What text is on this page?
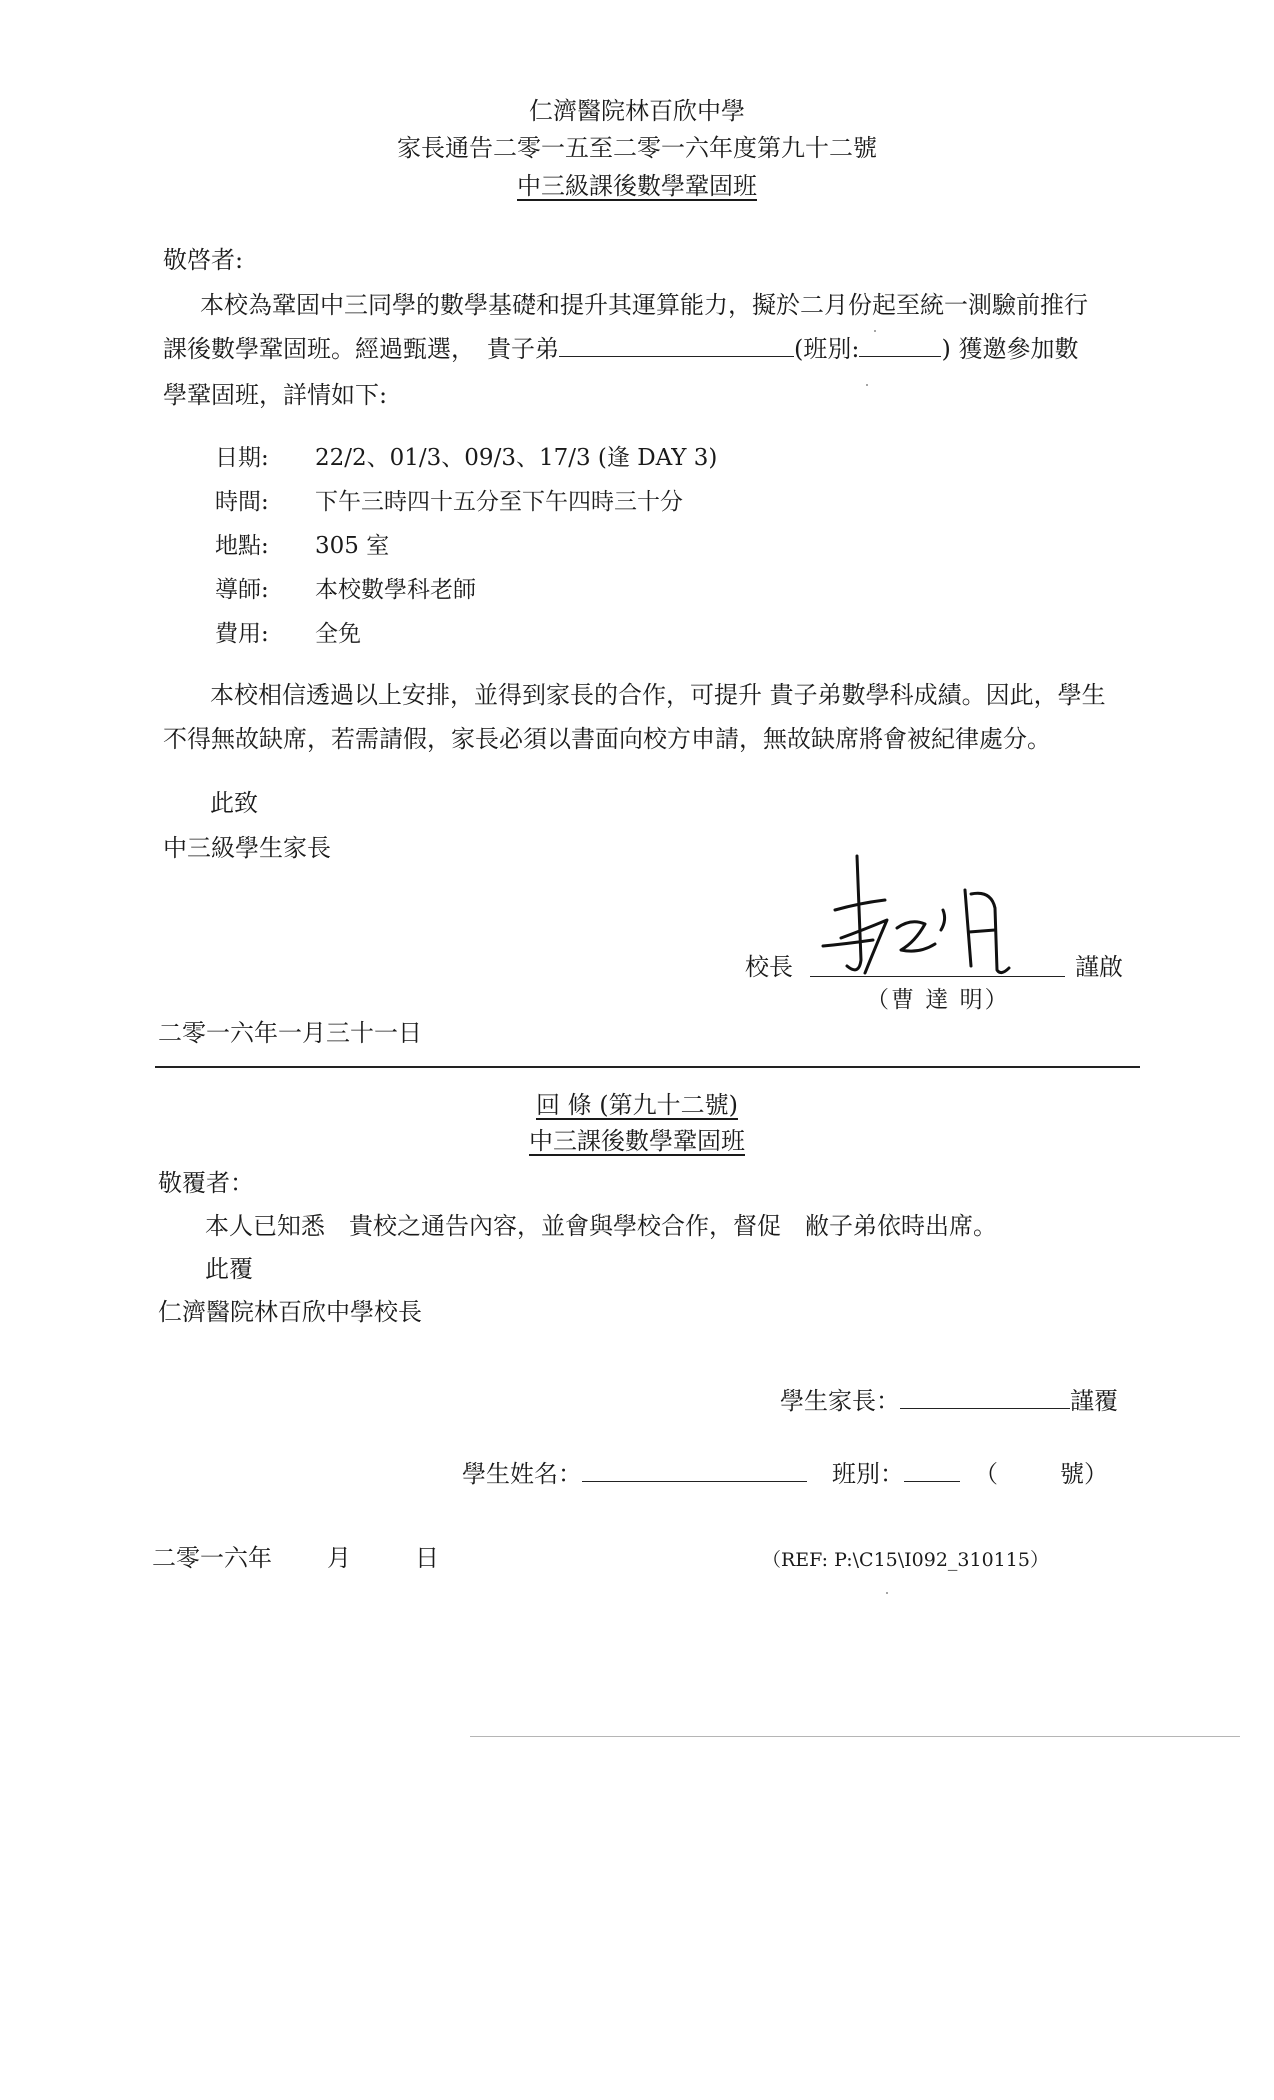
仁濟醫院林百欣中學
家長通告二零一五至二零一六年度第九十二號
中三級課後數學鞏固班
敬啓者:
本校為鞏固中三同學的數學基礎和提升其運算能力，擬於二月份起至統一測驗前推行
課後數學鞏固班。經過甄選，　貴子弟	(班別:	) 獲邀參加數
學鞏固班，詳情如下:
日期: 22/2、01/3、09/3、17/3 (逢 DAY 3)
時間: 下午三時四十五分至下午四時三十分
地點: 305 室
導師: 本校數學科老師
費用: 全免
本校相信透過以上安排，並得到家長的合作，可提升 貴子弟數學科成績。因此，學生
不得無故缺席，若需請假，家長必須以書面向校方申請，無故缺席將會被紀律處分。
此致
中三級學生家長
校長	謹啟
（曹 達 明）
二零一六年一月三十一日
回 條 (第九十二號)
中三課後數學鞏固班
敬覆者：
本人已知悉　貴校之通告內容，並會與學校合作，督促　敝子弟依時出席。
此覆
仁濟醫院林百欣中學校長
學生家長：	謹覆
學生姓名：	班別：	（	號）
二零一六年 月	日	（REF: P:\C15\I092_310115）
